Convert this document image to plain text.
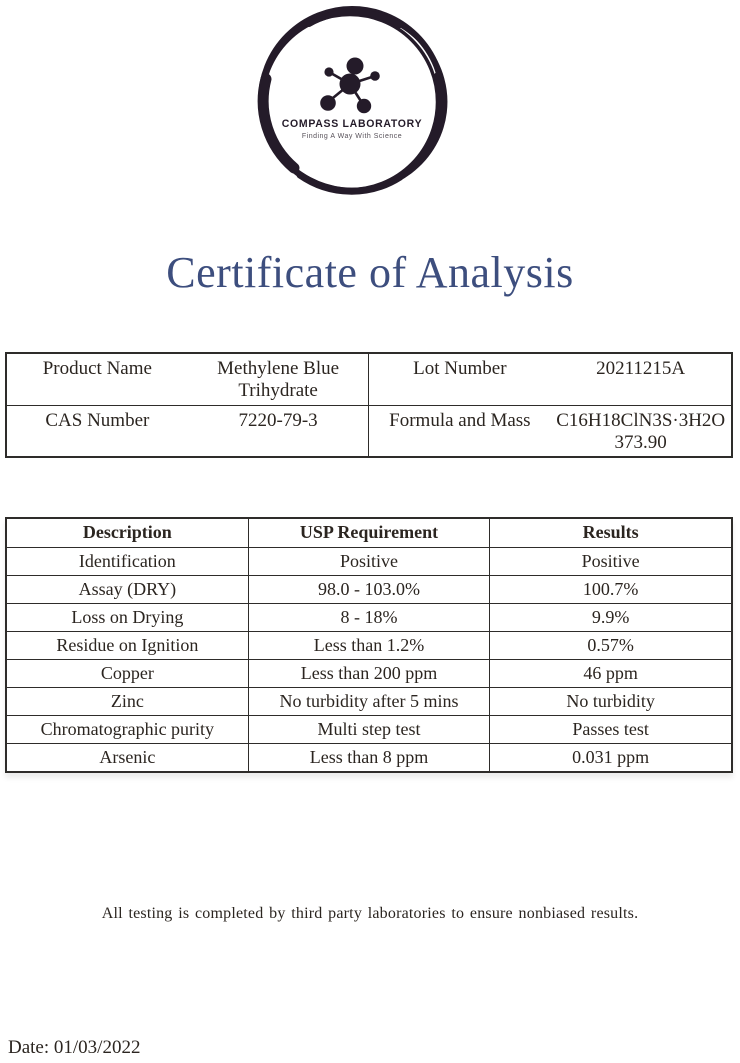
COMPASS LABORATORY
Finding A Way With Science
Certificate of Analysis
Product Name	Methylene Blue Trihydrate	Lot Number	20211215A
CAS Number	7220-79-3	Formula and Mass	C16H18ClN3S·3H2O 373.90
Description	USP Requirement	Results
Identification	Positive	Positive
Assay (DRY)	98.0 - 103.0%	100.7%
Loss on Drying	8 - 18%	9.9%
Residue on Ignition	Less than 1.2%	0.57%
Copper	Less than 200 ppm	46 ppm
Zinc	No turbidity after 5 mins	No turbidity
Chromatographic purity	Multi step test	Passes test
Arsenic	Less than 8 ppm	0.031 ppm
All testing is completed by third party laboratories to ensure nonbiased results.
Date: 01/03/2022
